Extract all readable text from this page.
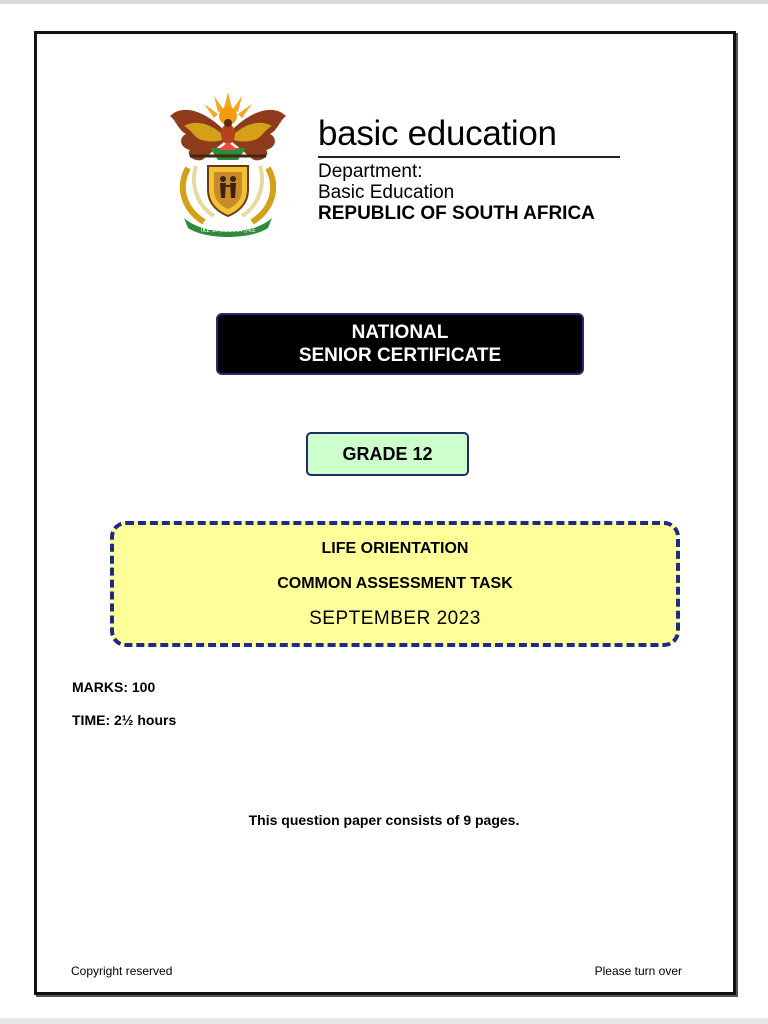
!KE E: /XARRA //KE
basic education
Department:
Basic Education
REPUBLIC OF SOUTH AFRICA
NATIONAL
SENIOR CERTIFICATE
GRADE 12
LIFE ORIENTATION
COMMON ASSESSMENT TASK
SEPTEMBER 2023
MARKS: 100
TIME: 2½ hours
This question paper consists of 9 pages.
Copyright reserved	Please turn over
